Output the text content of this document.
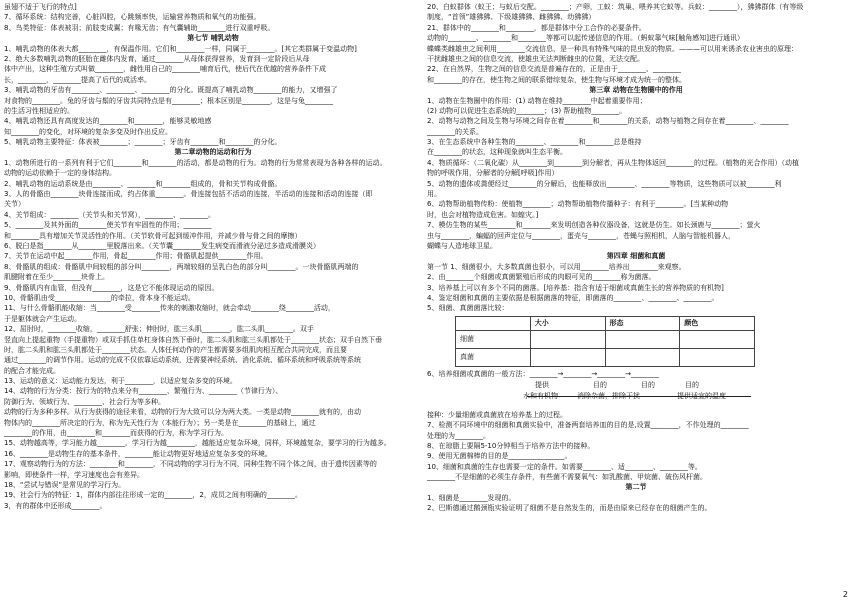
虽翅不适于飞行的特点]
7、循环系统：结构完善，心脏四腔，心跳频率快，运输营养物质和氧气的功能强。
8、鸟类特征：体表被羽；前肢变成翼；有喙无齿；有气囊辅助________进行双重呼吸。
第七节 哺乳动物
1、哺乳动物的体表大都________，有保温作用。它们和________一样，同属于________。[其它类群属于变温动物]
2、绝大多数哺乳动物的胚胎在雌体内发育，通过________从母体获得营养，发育到一定阶段后从母
体中产出，这种生殖方式叫做________，雌性用自己的________哺育后代，使后代在优越的营养条件下成
长，________，________提高了后代的成活率。
3、哺乳动物的牙齿有________、________、________的分化。既提高了哺乳动物________的能力，又增强了
对食物的________。兔的牙齿与鬃的牙齿共同特点是有________；根本区别是________，这是与兔________
的生活习性相适应的。
4、哺乳动物还具有高度发达的________和________，能够灵敏地感
知________的变化，对环境的复杂多变及时作出反应。
5、哺乳动物主要特征：体表被________；________；牙齿有________和________的分化。
第二章动物的运动和行为
1、动物所进行的一系列有利于它们________和________的活动，都是动物的行为。动物的行为常常表现为各种各样的运动。
动物的运动依赖于一定的身体结构。
2、哺乳动物的运动系统是由________、________和________组成的，骨和关节构成骨骼。
3、人的骨骼由________块骨连接而成，约占体重________。骨连接包括不活动的连接，半活动的连接和活动的连接（即
关节）
4、关节组成：________（关节头和关节窝），________、________。
5、________及其外面的________使关节有牢固性的作用；________
和________具有增加关节灵活性的作用。（关节软骨可起到缓冲作用，并减少骨与骨之间的摩擦）
6、脱臼是指________从________里脱落出来。（关节囊________发生病变而滑液分泌过多造成滑膜炎）
7、关节在运动中起________作用，骨起________作用；骨骼肌起提供________作用。
8、骨骼肌的组成：骨骼肌中间较粗的部分叫________，两端较细的呈乳白色的部分叫________。一块骨骼肌两端的
肌腱附着在至少________块骨上。
9、骨骼肌内有血管，但没有________，这是它不能体现运动的原因。
10、骨骼肌由受________________的牵拉，骨本身不能运动。
11、与什么骨骼肌能收缩：当________受________传来的刺激收缩时，就会牵动________绕________活动，
于是躯体就会产生运动。
12、屈肘时，________收缩，________舒张；伸肘时，肱三头肌________，肱二头肌________。双手
竖直向上提起重物（手提重物）或双手抓住单杠身体自然下垂时，肱二头肌和肱三头肌都处于________状态；双手自然下垂
时，肱二头肌和肱三头肌都处于________状态。人体任何动作的产生都需要多组肌肉相互配合共同完成，而且要
通过________的调节作用。运动的完成不仅依靠运动系统，还需要神经系统、消化系统、循环系统和呼吸系统等系统
的配合才能完成。
13、运动的意义：运动能力发达，利于________，以适应复杂多变的环境。
14、动物的行为分类：按行为的特点来分有________、繁殖行为、________（节律行为）、
防御行为、领域行为、________、社会行为等多种。
动物的行为多种多样。从行为获得的途径来看，动物的行为大致可以分为两大类。一类是动物________就有的，由动
物体内的________所决定的行为，称为先天性行为（本能行为）；另一类是在________的基础上，通过
________的作用，由________和________而获得的行为，称为学习行为。
15、动物越高等，学习能力越________，学习行为越________，越能适应复杂环境，同样，环境越复杂，要学习的行为越多。
16、________是动物生存的基本条件，________能让动物更好地适应复杂多变的环境。
17、观察动物行为的方法：________和________，不同动物的学习行为不同，同种生物不同个体之间，由于遗传因素等的
影响，即使条件一样，学习速度也会有差异。
18、“尝试与错误”是常见的学习行为。
19、社会行为的特征：1，群体内部往往形成一定的________，2，成员之间有明确的________。
3，有的群体中还形成________。
20、白蚁群体（蚁王；与蚁后交配。________；产卵，工蚁：筑巢、喂养其它蚁等。兵蚁：________），狒狒群体（有等级
制度，“首领”雄狒狒、下级雄狒狒、雌狒狒、幼狒狒）
21、群体中的________和________，都是群体中分工合作的必要条件。
动物的________、________和________等都可以起传递信息的作用。（蚂蚁靠气味[触角感知]进行通讯）
蝶蝶类雌雄虫之间利用________交流信息，是一种具有特殊气味的昆虫发的物质。———可以用来诱杀农业害虫的原理：
干扰雌雄虫之间的信息交流，使雄虫无法判断雌虫的位置，无法交配。
22、在自然界，生物之间的信息交流是普遍存在的，正是由于________、________
和________的存在，使生物之间的联系错综复杂，使生物与环境才成为统一的整体。
第三章 动物在生物圈中的作用
1、动物在生物圈中的作用：(1) 动物在维持________中起着重要作用；
(2) 动物可以促进生态系统的________；(3) 帮助植物________。
2、动物与动物之间及生物与环境之间存在着________和________的关系，动物与植物之间存在着________、________
________的关系。
3、在生态系统中各种生物的________、________和________总是维持
在________的状态，这种现象就叫生态平衡。
4、物质循环：（二氧化碳）从________到________到分解者，再从生物体返回________的过程。（植物的光合作用）（动植
物的呼吸作用，分解者的分解[呼吸]作用）
5、动物的遗体或粪便经过________的分解后，也能释放出________、________等物质，这些物质可以被________利
用。
6、动物帮助植物传粉：使植物________；动物帮助植物传播种子：有利于________。[当某种动物
时，也会对植物造成危害。如蝗灾。]
7、模仿生物的某些________和________来发明创造各种仪器设备，这就是仿生。如长颈鹿与________；萤火
虫与________，蝙蝠的回声定位与________，蛋壳与________，苍蝇与照相机，人脑与智能机器人，
蝴蝶与人造地球卫星。
第四章 细菌和真菌
第一节 1、细菌很小，大多数真菌也很小，可以用________培养出________来观察。
2、由________个细菌或真菌繁殖后形成的肉眼可见的________称为菌落。
3、培养基上可以有多个不同的菌落。[培养基：指含有适于细菌或真菌生长的营养物质的有机物]
4、鉴定细菌和真菌的主要依据是根据菌落的特征，即菌落的________、________、________。
5、细菌、真菌菌落比较：
	大小	形态	颜色
细菌			
真菌			
6、培养细菌或真菌的一般方法：________→________→________→________
提供	目的	目的	目的
水和有机物	消除杂菌，排除干扰	提供适宜的温度
接种：少量细菌或真菌放在培养基上的过程。
7、检测不同环境中的细菌和真菌实验中，准备两套培养皿的目的是,设置________，不作处理的________
处理的为________。
8、在琼脂上要隔5-10分钟相当于培养方法中的接种。
9、使用无菌棉棒的目的是________________。
10、细菌和真菌的生存也需要一定的条件。如需要________、适________、________等。
________不是细菌的必须生存条件，有些菌不需要氧气：如乳酸菌、甲烷菌、破伤风杆菌。
第二节
1、细菌是________发现的。
2、巴斯德通过鹅颈瓶实验证明了细菌不是自然发生的，而是由原来已经存在的细菌产生的。
2
